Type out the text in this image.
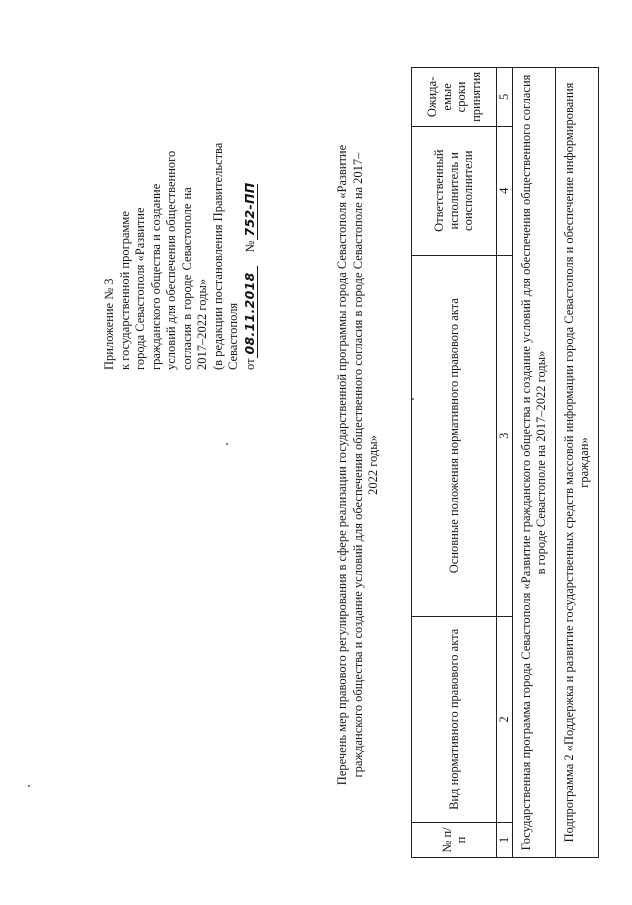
Приложение № 3 к государственной программе города Севастополя «Развитие гражданского общества и создание условий для обеспечения общественного согласия в городе Севастополе на 2017–2022 годы» (в редакции постановления Правительства Севастополя от
08.11.2018
№
752-ПП	Перечень мер правового регулирования в сфере реализации государственной программы города Севастополя «Развитие гражданского общества и создание условий для обеспечения общественного согласия в городе Севастополе на 2017– 2022 годы»
№ п/п	Вид нормативного правового акта	Основные положения нормативного правового акта	Ответственный исполнитель и соисполнители	Ожида-емые сроки принятия
1	2	3	4	5
Государственная программа города Севастополя «Развитие гражданского общества и создание условий для обеспечения общественного согласия в городе Севастополе на 2017–2022 годы»				
Подпрограмма 2 «Поддержка и развитие государственных средств массовой информации города Севастополя и обеспечение информирования граждан»				
